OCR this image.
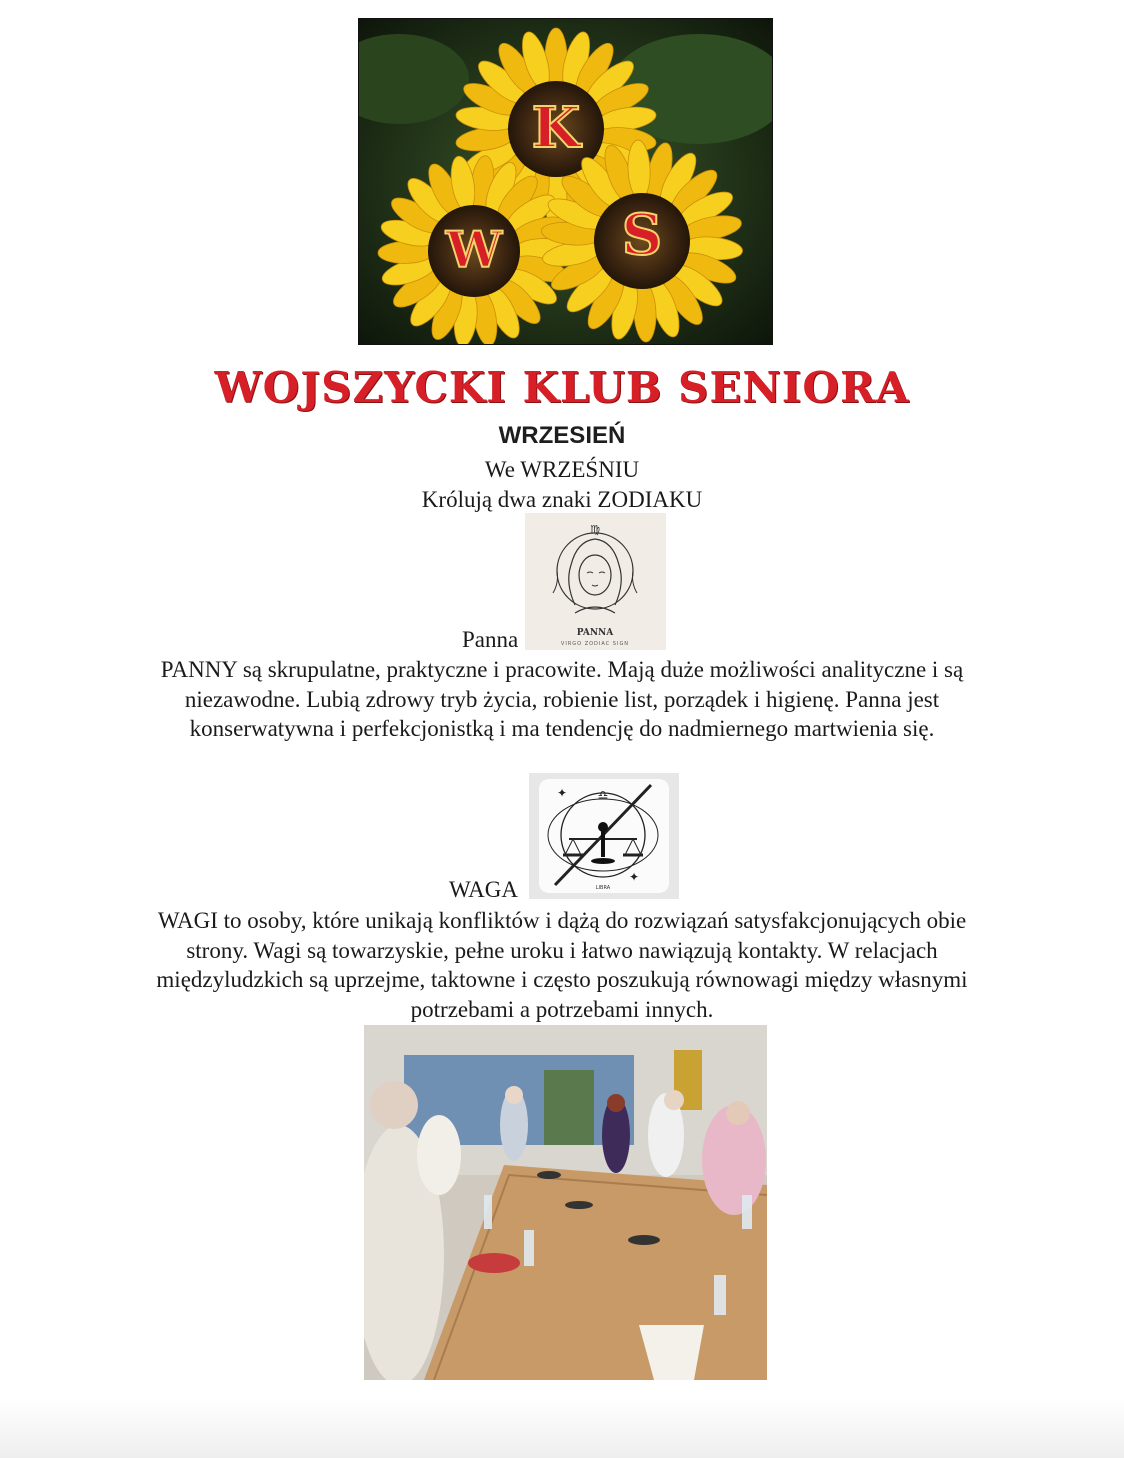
K
W S
WOJSZYCKI KLUB SENIORA
WRZESIEŃ
We WRZEŚNIU
Królują dwa znaki ZODIAKU
Panna
♍
PANNA
VIRGO ZODIAC SIGN
PANNY są skrupulatne, praktyczne i pracowite. Mają duże możliwości analityczne i są niezawodne. Lubią zdrowy tryb życia, robienie list, porządek i higienę. Panna jest konserwatywna i perfekcjonistką i ma tendencję do nadmiernego martwienia się.
WAGA
♎
LIBRA
✦
✦
WAGI to osoby, które unikają konfliktów i dążą do rozwiązań satysfakcjonujących obie strony. Wagi są towarzyskie, pełne uroku i łatwo nawiązują kontakty. W relacjach międzyludzkich są uprzejme, taktowne i często poszukują równowagi między własnymi potrzebami a potrzebami innych.
